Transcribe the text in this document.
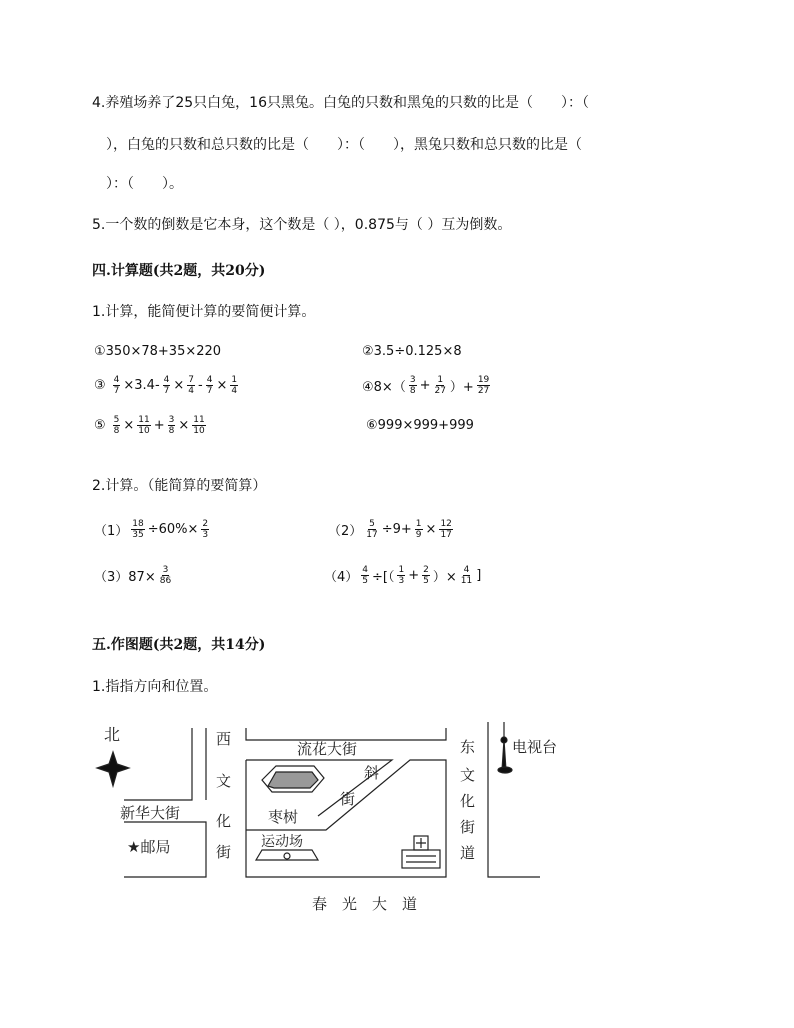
4.养殖场养了25只白兔，16只黑兔。白兔的只数和黑兔的只数的比是（　　）：（
　），白兔的只数和总只数的比是（　　）：（　　），黑兔只数和总只数的比是（
　）：（　　）。
5.一个数的倒数是它本身，这个数是（ ），0.875与（ ）互为倒数。
四.计算题(共2题，共20分)
1.计算，能简便计算的要简便计算。
①350×78+35×220	②3.5÷0.125×8
③ $\frac{4}{7} \times 3.4- \frac{4}{7} \times \frac{7}{4} - \frac{4}{7} \times \frac{1}{4}$	④8×（ $\frac{3}{8} + \frac{1}{27}$ ）+ $\frac{19}{27}$
⑤ $\frac{5}{8} \times \frac{11}{10} + \frac{3}{8} \times \frac{11}{10}$	⑥999×999+999
2.计算。（能简算的要简算）
$(1) \frac{18}{35} \div 60\%\times \frac{2}{3}$	$(2) \frac{5}{17} \div 9+ \frac{1}{9} \times \frac{12}{17}$
$(3)87\times \frac{3}{86}$	$(4) \frac{4}{5}$ ÷[（ $\frac{1}{3} + \frac{2}{5}$ ）× $\frac{4}{11}$ ]
五.作图题(共2题，共14分)
1.指指方向和位置。
北
新华大街
★邮局
西
文
化
街
流花大街
斜
街
枣树
运动场
东
文
化
街
道
电视台
春　光　大　道
